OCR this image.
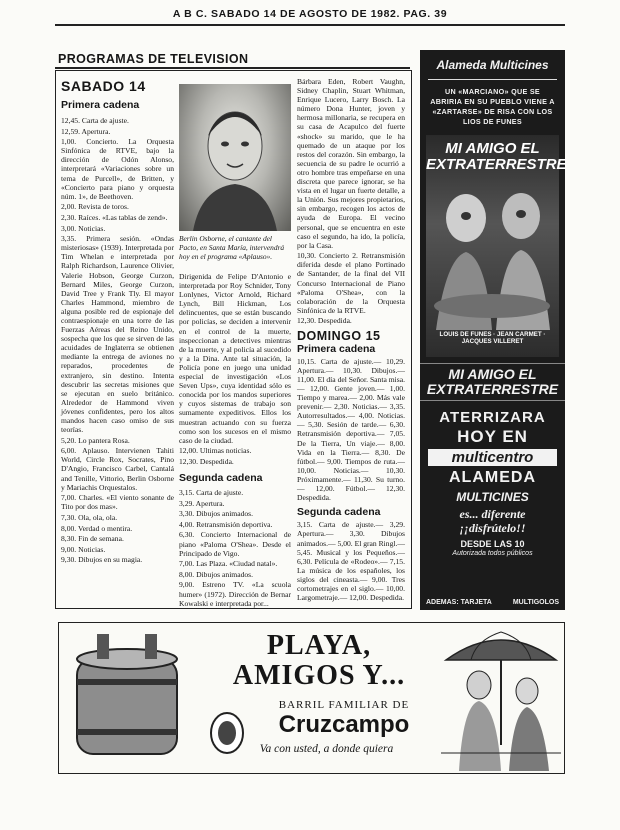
A B C. SABADO 14 DE AGOSTO DE 1982. PAG. 39
PROGRAMAS DE TELEVISION
SABADO 14
Primera cadena

12,45. Carta de ajuste.

12,59. Apertura.

1,00. Concierto. La Orquesta Sinfónica de RTVE, bajo la dirección de Odón Alonso, interpretará «Variaciones sobre un tema de Purcell», de Britten, y «Concierto para piano y orquesta núm. 1», de Beethoven.

2,00. Revista de toros.

2,30. Raíces. «Las tablas de zend».

3,00. Noticias.

3,35. Primera sesión. «Ondas misteriosas» (1939). Interpretada por Tim Whelan e interpretada por Ralph Richardson, Laurence Olivier, Valerie Hobson, George Curzon, Bernard Miles, George Curzon, David Tree y Frank Tly. El mayor Charles Hammond, miembro de alguna posible red de espionaje del contraespionaje en una torre de las Fuerzas Aéreas del Reino Unido, sospecha que los que se sirven de las acuidades de Inglaterra se obtienen mediante la entrega de aviones no reparados, procedentes de extranjero, sin destino. Intenta descubrir las secretas misiones que se ejecutan en suelo británico. Alrededor de Hammond viven jóvenes confidentes, pero los altos mandos hacen caso omiso de sus teorías.

5,20. Lo pantera Rosa.

6,00. Aplauso. Intervienen Tahiti World, Circle Rox, Socrates, Pino D'Angio, Francisco Carbel, Cantalá and Tenille, Vittorio, Berlin Osborne y Mariachis Orquestalos.

7,00. Charles. «El viento sonante de Tito por dos mas».

7,30. Ola, ola, ola.

8,00. Verdad o mentira.

8,30. Fin de semana.

9,00. Noticias.

9,30. Dibujos en su magia.

Berlin Osborne, el cantante del Pacto, en Santa María, intervendrá hoy en el programa «Aplauso».

Dirigenida de Felipe D'Antonio e interpretada por Roy Schnider, Tony Lonlynes, Victor Arnold, Richard Lynch, Bill Hickman, Los delincuentes, que se están buscando por policías, se deciden a intervenir en el control de la muerte, inspeccionan a detectives mientras de la muerte, y al policía al sucedido y a la Dina. Ante tal situación, la Policía pone en juego una unidad especial de investigación «Los Seven Ups», cuya identidad sólo es conocida por los mandos superiores y cuyos sistemas de trabajo son sumamente expeditivos. Ellos los muestran actuando con su fuerza como son los sucesos en el mismo caso de la ciudad.

12,00. Ultimas noticias.

12,30. Despedida.

Segunda cadena

3,15. Carta de ajuste.

3,29. Apertura.

3,30. Dibujos animados.

4,00. Retransmisión deportiva.

6,30. Concierto Internacional de piano «Paloma O'Shea». Desde el Principado de Vigo.

7,00. Las Plaza. «Ciudad natal».

8,00. Dibujos animados.

9,00. Estreno TV. «La scuola humer» (1972). Dirección de Bernar Kowalski e interpretada por...

Bárbara Eden, Robert Vaughn, Sidney Chaplin, Stuart Whitman, Enrique Lucero, Larry Bosch. La número Dona Hunter, joven y hermosa millonaria, se recupera en su casa de Acapulco del fuerte «shock» su marido, que le ha quemado de un ataque por los restos del corazón. Sin embargo, la secuencia de su padre le ocurrió a otro hombre tras empeñarse en una discreta que parece ignorar, se ha vista en el lugar un fuerte detalle, a la Unión. Sus mejores propietarios, sin embargo, recogen los actos de ayuda de Europa. El vecino personal, que se encuentra en este caso el segundo, ha ido, la policía, por la Casa.

10,30. Concierto 2. Retransmisión diferida desde el plano Portinado de Santander, de la final del VII Concurso Internacional de Piano «Paloma O'Shea», con la colaboración de la Orquesta Sinfónica de la RTVE.

12,30. Despedida.

DOMINGO 15
Primera cadena

10,15. Carta de ajuste.— 10,29. Apertura.— 10,30. Dibujos.— 11,00. El día del Señor. Santa misa.— 12,00. Gente joven.— 1,00. Tiempo y marea.— 2,00. Más vale prevenir.— 2,30. Noticias.— 3,35. Autorresultados.— 4,00. Noticias.— 5,30. Sesión de tarde.— 6,30. Retransmisión deportiva.— 7,05. De la Tierra, Un viaje.— 8,00. Vida en la Tierra.— 8,30. De fútbol.— 9,00. Tiempos de ruta.— 10,00. Noticias.— 10,30. Próximamente.— 11,30. Su turno.— 12,00. Fútbol.— 12,30. Despedida.

Segunda cadena

3,15. Carta de ajuste.— 3,29. Apertura.— 3,30. Dibujos animados.— 5,00. El gran Ringl.— 5,45. Musical y los Pequeños.— 6,30. Película de «Rodeo».— 7,15. La música de los españoles, los siglos del cineasta.— 9,00. Tres cortometrajes en el siglo.— 10,00. Largometraje.— 12,00. Despedida.

Alameda Multicines
UN «MARCIANO» QUE SE ABRIRIA EN SU PUEBLO VIENE A «ZARTARSE» DE RISA CON LOS LIOS DE FUNES
MI AMIGO EL EXTRATERRESTRE
LOUIS DE FUNES · JEAN CARMET · JACQUES VILLERET
MI AMIGO EL EXTRATERRESTRE
ATERRIZARA
HOY EN
multicentro
ALAMEDA
MULTICINES
es... diferente ¡¡disfrútelo!!
DESDE LAS 10
Autorizada todos públicos
ADEMAS: TARJETA	MULTIGOLOS
PLAYA,
AMIGOS Y...
BARRIL FAMILIAR DE
Cruzcampo
Va con usted, a donde quiera
